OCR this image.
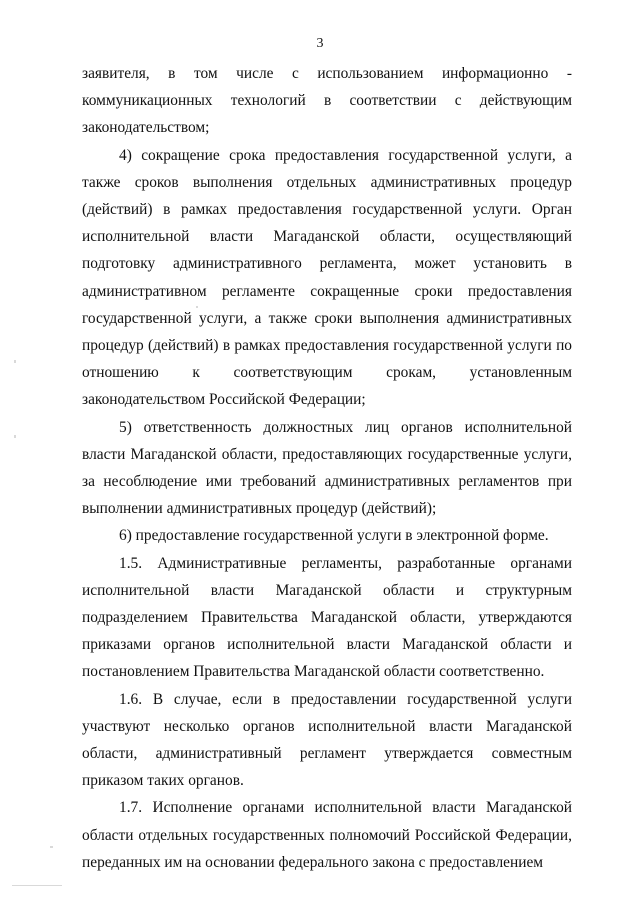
3

заявителя, в том числе с использованием информационно - коммуникационных технологий в соответствии с действующим законодательством;

4) сокращение срока предоставления государственной услуги, а также сроков выполнения отдельных административных процедур (действий) в рамках предоставления государственной услуги. Орган исполнительной власти Магаданской области, осуществляющий подготовку административного регламента, может установить в административном регламенте сокращенные сроки предоставления государственной услуги, а также сроки выполнения административных процедур (действий) в рамках предоставления государственной услуги по отношению к соответствующим срокам, установленным законодательством Российской Федерации;

5) ответственность должностных лиц органов исполнительной власти Магаданской области, предоставляющих государственные услуги, за несоблюдение ими требований административных регламентов при выполнении административных процедур (действий);

6) предоставление государственной услуги в электронной форме.

1.5. Административные регламенты, разработанные органами исполнительной власти Магаданской области и структурным подразделением Правительства Магаданской области, утверждаются приказами органов исполнительной власти Магаданской области и постановлением Правительства Магаданской области соответственно.

1.6. В случае, если в предоставлении государственной услуги участвуют несколько органов исполнительной власти Магаданской области, административный регламент утверждается совместным приказом таких органов.

1.7. Исполнение органами исполнительной власти Магаданской области отдельных государственных полномочий Российской Федерации, переданных им на основании федерального закона с предоставлением
